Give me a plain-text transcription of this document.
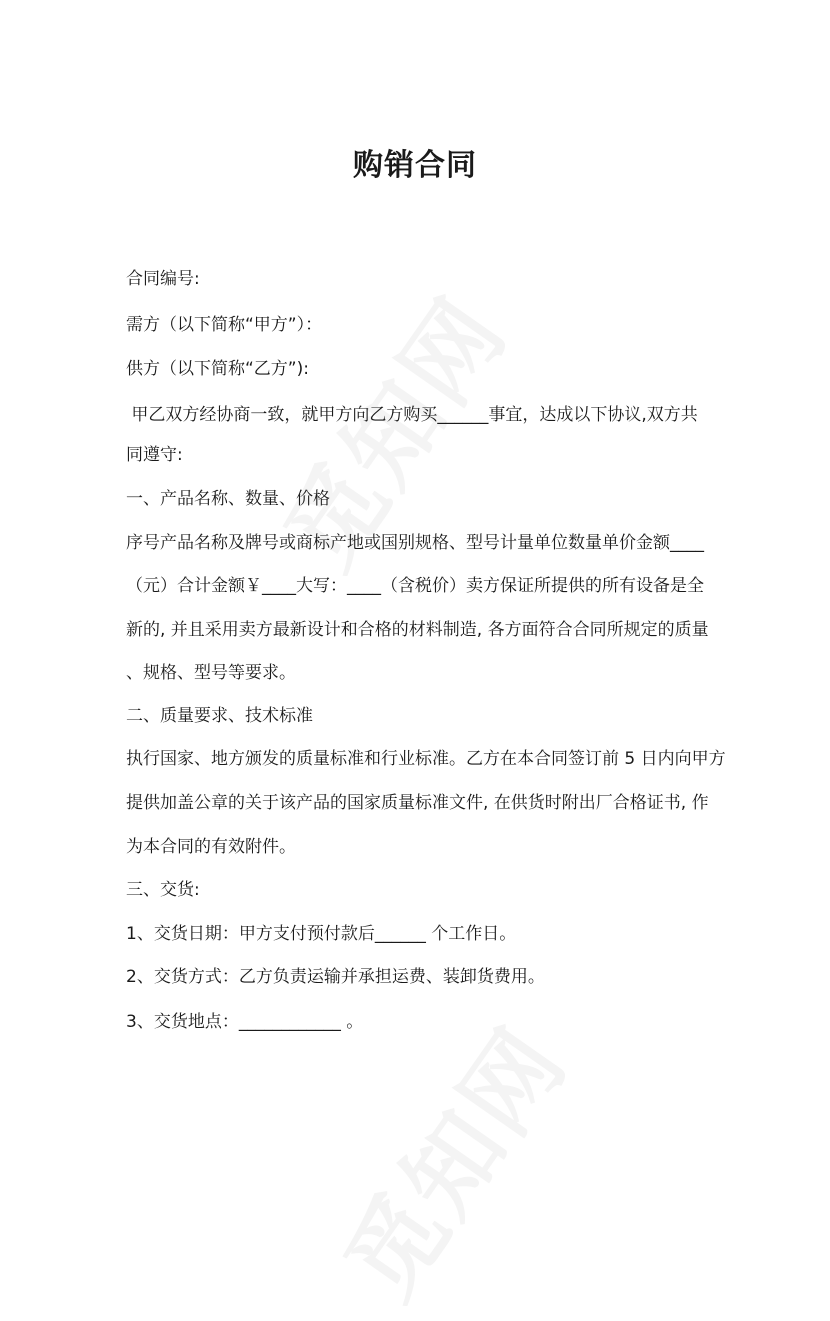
购销合同
合同编号:
需方（以下简称“甲方”）：
供方（以下简称“乙方”):
甲乙双方经协商一致，就甲方向乙方购买______事宜，达成以下协议,双方共
同遵守:
一、产品名称、数量、价格
序号产品名称及牌号或商标产地或国别规格、型号计量单位数量单价金额____
（元）合计金额￥____大写：____（含税价）卖方保证所提供的所有设备是全
新的, 并且采用卖方最新设计和合格的材料制造, 各方面符合合同所规定的质量
、规格、型号等要求。
二、质量要求、技术标准
执行国家、地方颁发的质量标准和行业标准。乙方在本合同签订前 5 日内向甲方
提供加盖公章的关于该产品的国家质量标准文件, 在供货时附出厂合格证书, 作
为本合同的有效附件。
三、交货:
1、交货日期：甲方支付预付款后______ 个工作日。
2、交货方式：乙方负责运输并承担运费、装卸货费用。
3、交货地点：____________ 。
